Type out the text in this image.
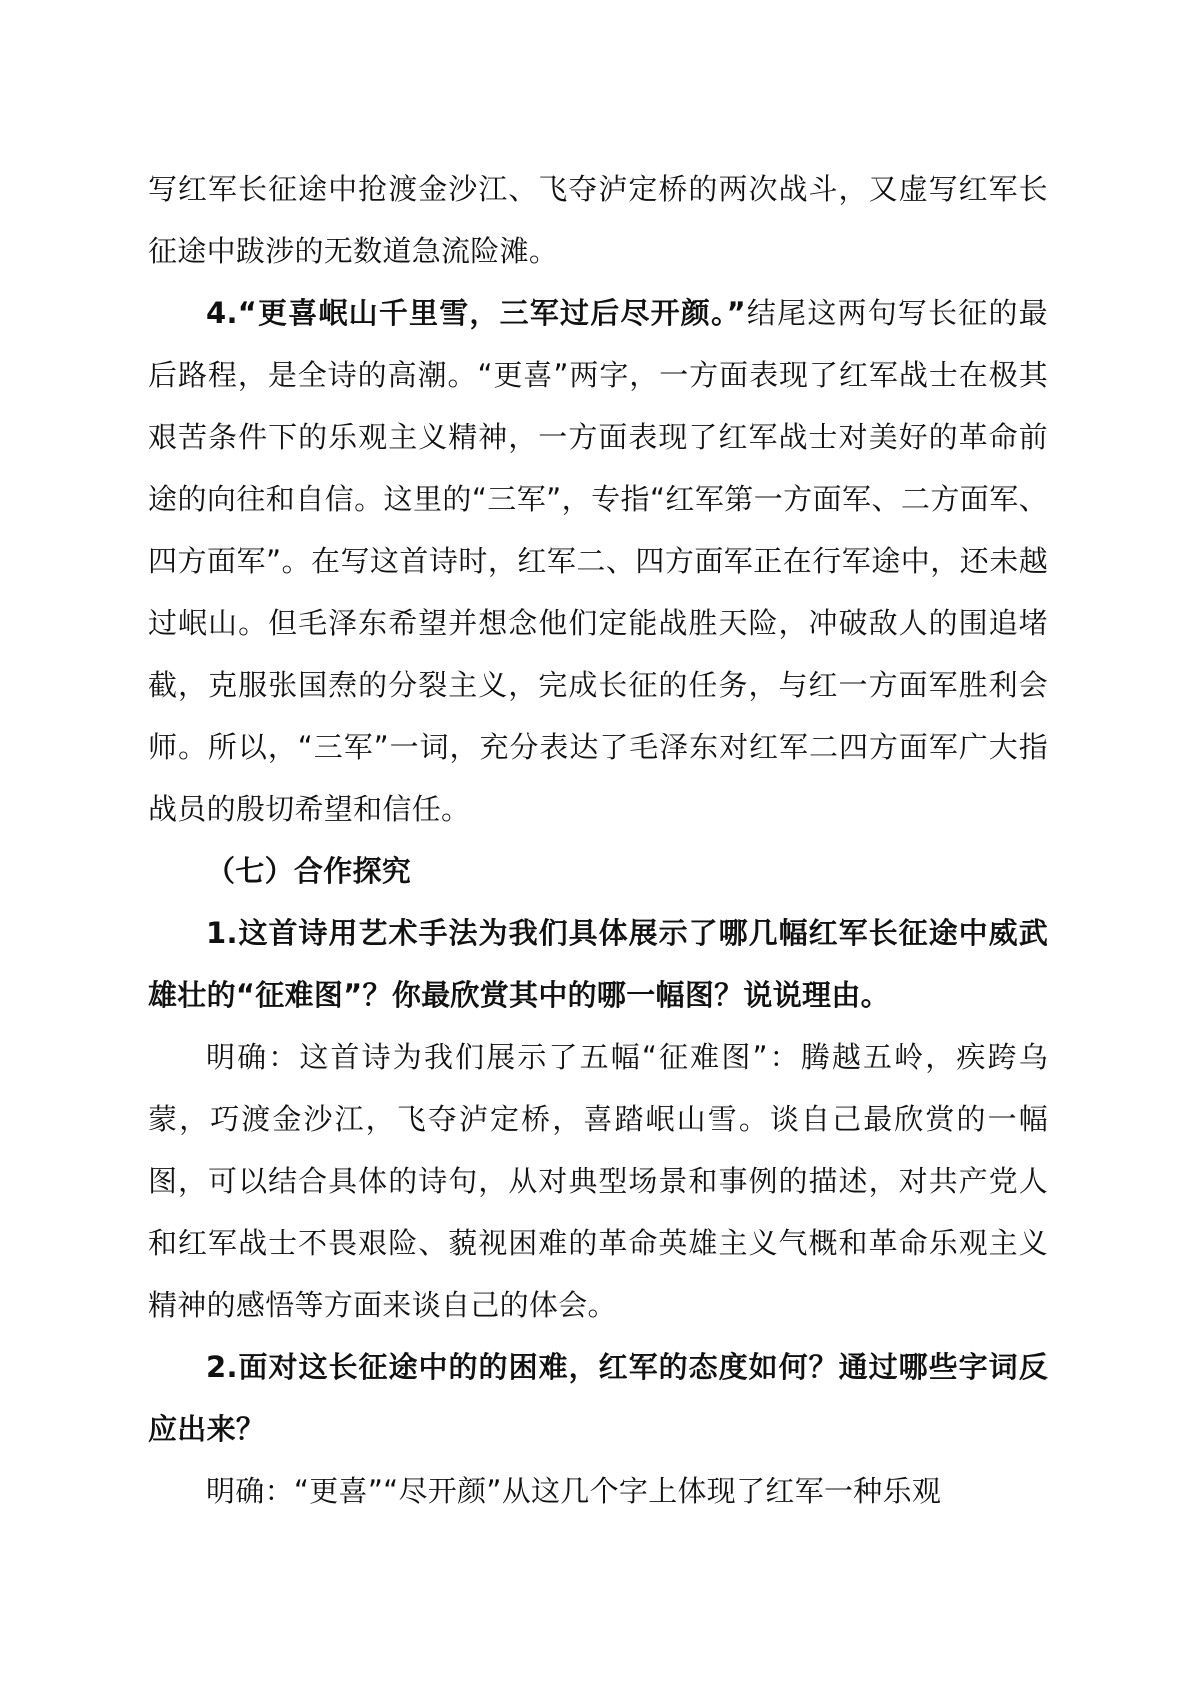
写红军长征途中抢渡金沙江、飞夺泸定桥的两次战斗，又虚写红军长征途中跋涉的无数道急流险滩。

4.“更喜岷山千里雪，三军过后尽开颜。”结尾这两句写长征的最后路程，是全诗的高潮。“更喜”两字，一方面表现了红军战士在极其艰苦条件下的乐观主义精神，一方面表现了红军战士对美好的革命前途的向往和自信。这里的“三军”，专指“红军第一方面军、二方面军、四方面军”。在写这首诗时，红军二、四方面军正在行军途中，还未越过岷山。但毛泽东希望并想念他们定能战胜天险，冲破敌人的围追堵截，克服张国焘的分裂主义，完成长征的任务，与红一方面军胜利会师。所以，“三军”一词，充分表达了毛泽东对红军二四方面军广大指战员的殷切希望和信任。

（七）合作探究

1.这首诗用艺术手法为我们具体展示了哪几幅红军长征途中威武雄壮的“征难图”？你最欣赏其中的哪一幅图？说说理由。

明确：这首诗为我们展示了五幅“征难图”：腾越五岭，疾跨乌蒙，巧渡金沙江，飞夺泸定桥，喜踏岷山雪。谈自己最欣赏的一幅图，可以结合具体的诗句，从对典型场景和事例的描述，对共产党人和红军战士不畏艰险、藐视困难的革命英雄主义气概和革命乐观主义精神的感悟等方面来谈自己的体会。

2.面对这长征途中的的困难，红军的态度如何？通过哪些字词反应出来？

明确：“更喜”“尽开颜”从这几个字上体现了红军一种乐观
